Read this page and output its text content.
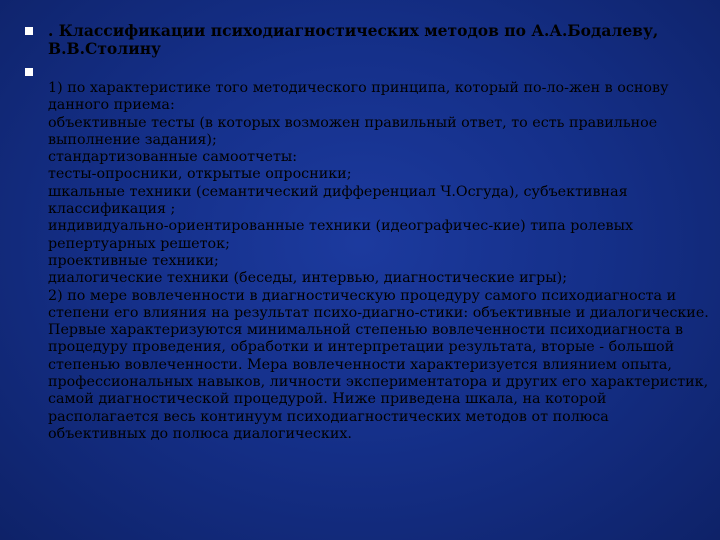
. Классификации психодиагностических методов по А.А.Бодалеву,
В.В.Столину
1) по характеристике того методического принципа, который по-ло-жен в основу
данного приема:
объективные тесты (в которых возможен правильный ответ, то есть правильное
выполнение задания);
стандартизованные самоотчеты:
тесты-опросники, открытые опросники;
шкальные техники (семантический дифференциал Ч.Осгуда), субъективная
классификация ;
индивидуально-ориентированные техники (идеографичес-кие) типа ролевых
репертуарных решеток;
проективные техники;
диалогические техники (беседы, интервью, диагностические игры);
2) по мере вовлеченности в диагностическую процедуру самого психодиагноста и
степени его влияния на результат психо-диагно-стики: объективные и диалогические.
Первые характеризуются минимальной степенью вовлеченности психодиагноста в
процедуру проведения, обработки и интерпретации результата, вторые - большой
степенью вовлеченности. Мера вовлеченности характеризуется влиянием опыта,
профессиональных навыков, личности экспериментатора и других его характеристик,
самой диагностической процедурой. Ниже приведена шкала, на которой
располагается весь континуум психодиагностических методов от полюса
объективных до полюса диалогических.
